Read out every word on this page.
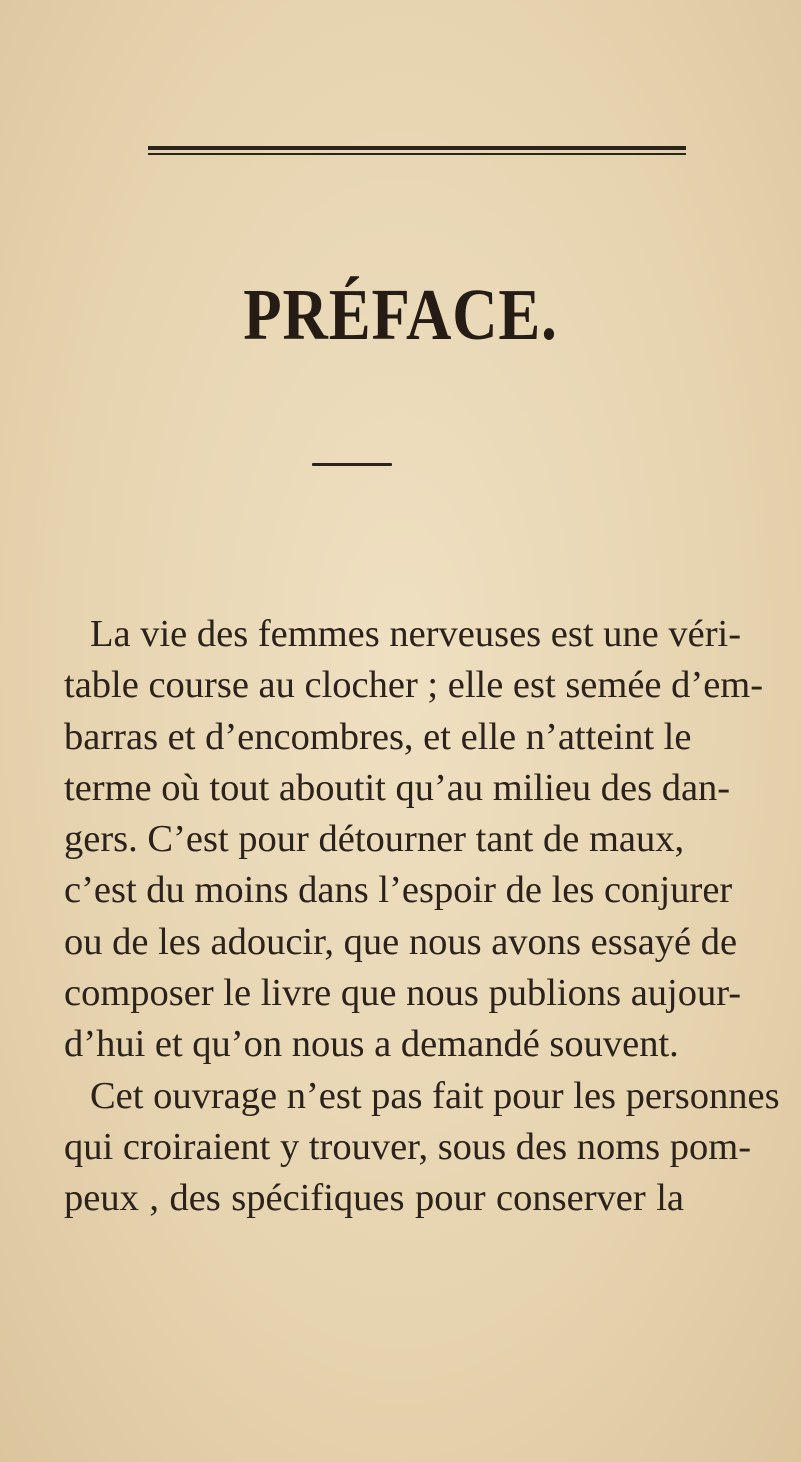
PRÉFACE.
La vie des femmes nerveuses est une véri-
table course au clocher ; elle est semée d’em-
barras et d’encombres, et elle n’atteint le
terme où tout aboutit qu’au milieu des dan-
gers. C’est pour détourner tant de maux,
c’est du moins dans l’espoir de les conjurer
ou de les adoucir, que nous avons essayé de
composer le livre que nous publions aujour-
d’hui et qu’on nous a demandé souvent.
Cet ouvrage n’est pas fait pour les personnes
qui croiraient y trouver, sous des noms pom-
peux , des spécifiques pour conserver la
